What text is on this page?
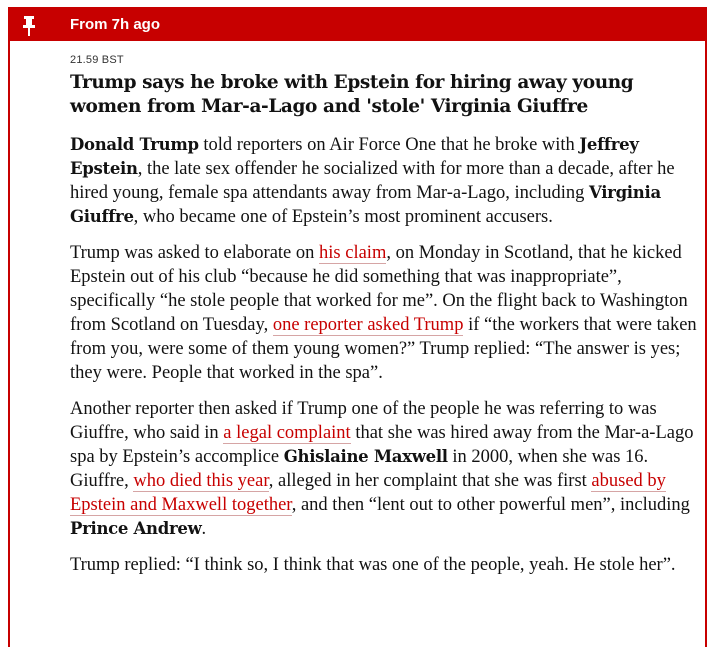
From 7h ago
21.59 BST
Trump says he broke with Epstein for hiring away young women from Mar-a-Lago and 'stole' Virginia Giuffre

Donald Trump told reporters on Air Force One that he broke with Jeffrey Epstein, the late sex offender he socialized with for more than a decade, after he hired young, female spa attendants away from Mar-a-Lago, including Virginia Giuffre, who became one of Epstein’s most prominent accusers.

Trump was asked to elaborate on his claim, on Monday in Scotland, that he kicked Epstein out of his club “because he did something that was inappropriate”, specifically “he stole people that worked for me”. On the flight back to Washington from Scotland on Tuesday, one reporter asked Trump if “the workers that were taken from you, were some of them young women?” Trump replied: “The answer is yes; they were. People that worked in the spa”.

Another reporter then asked if Trump one of the people he was referring to was Giuffre, who said in a legal complaint that she was hired away from the Mar-a-Lago spa by Epstein’s accomplice Ghislaine Maxwell in 2000, when she was 16. Giuffre, who died this year, alleged in her complaint that she was first abused by Epstein and Maxwell together, and then “lent out to other powerful men”, including Prince Andrew.

Trump replied: “I think so, I think that was one of the people, yeah. He stole her”.
